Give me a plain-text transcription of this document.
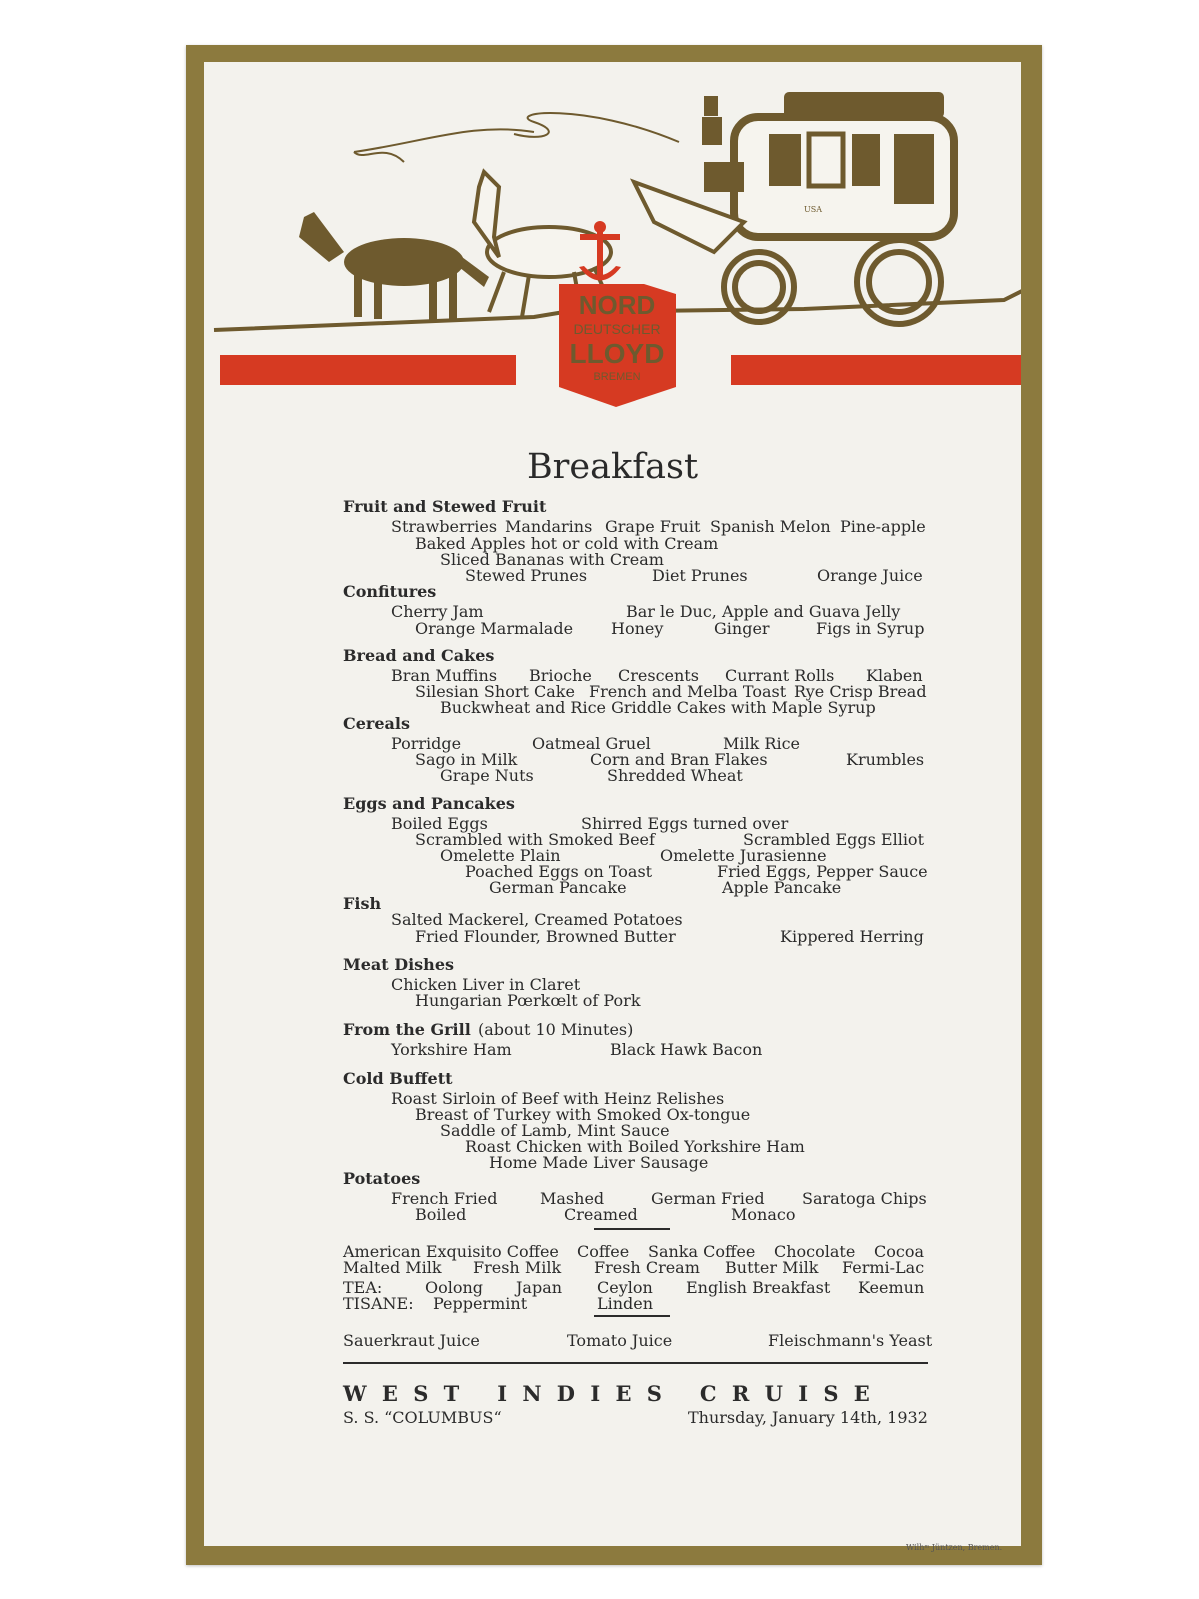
USA
NORD
DEUTSCHER
LLOYD
BREMEN
Breakfast
Fruit and Stewed Fruit
Strawberries Mandarins Grape Fruit Spanish Melon Pine-apple
Baked Apples hot or cold with Cream
Sliced Bananas with Cream
Stewed Prunes	Diet Prunes	Orange Juice
Confitures
Cherry Jam	Bar le Duc, Apple and Guava Jelly
Orange Marmalade Honey	Ginger	Figs in Syrup
Bread and Cakes
Bran Muffins Brioche Crescents Currant Rolls Klaben
Silesian Short Cake French and Melba Toast Rye Crisp Bread
Buckwheat and Rice Griddle Cakes with Maple Syrup
Cereals
Porridge	Oatmeal Gruel	Milk Rice
Sago in Milk	Corn and Bran Flakes	Krumbles
Grape Nuts	Shredded Wheat
Eggs and Pancakes
Boiled Eggs	Shirred Eggs turned over
Scrambled with Smoked Beef	Scrambled Eggs Elliot
Omelette Plain	Omelette Jurasienne
Poached Eggs on Toast	Fried Eggs, Pepper Sauce
German Pancake	Apple Pancake
Fish
Salted Mackerel, Creamed Potatoes
Fried Flounder, Browned Butter	Kippered Herring
Meat Dishes
Chicken Liver in Claret
Hungarian Pœrkœlt of Pork
From the Grill (about 10 Minutes)
Yorkshire Ham	Black Hawk Bacon
Cold Buffett
Roast Sirloin of Beef with Heinz Relishes
Breast of Turkey with Smoked Ox-tongue
Saddle of Lamb, Mint Sauce
Roast Chicken with Boiled Yorkshire Ham
Home Made Liver Sausage
Potatoes
French Fried	Mashed	German Fried Saratoga Chips
Boiled	Creamed	Monaco
American Exquisito Coffee Coffee Sanka Coffee Chocolate Cocoa
Malted Milk Fresh Milk Fresh Cream Butter Milk Fermi-Lac
TEA:	Oolong Japan Ceylon English Breakfast Keemun
TISANE: Peppermint	Linden
Sauerkraut Juice	Tomato Juice	Fleischmann's Yeast
WEST INDIES CRUISE
S. S. “COLUMBUS“	Thursday, January 14th, 1932
Wilhᵐ Jüntzen, Bremen.
